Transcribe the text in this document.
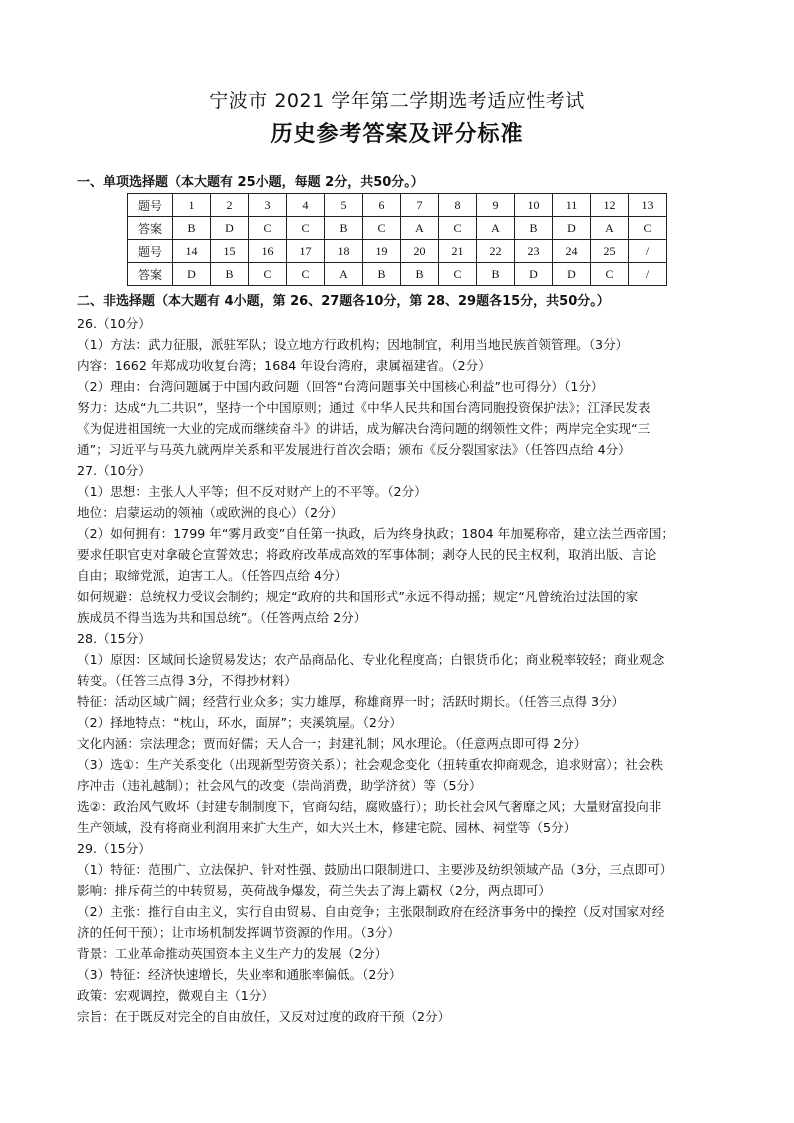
宁波市 2021 学年第二学期选考适应性考试
历史参考答案及评分标准
一、单项选择题（本大题有 25小题，每题 2分，共50分。）
题号	1	2	3	4	5	6	7	8	9	10	11	12	13
答案	B	D	C	C	B	C	A	C	A	B	D	A	C
题号	14	15	16	17	18	19	20	21	22	23	24	25	/
答案	D	B	C	C	A	B	B	C	B	D	D	C	/
二、非选择题（本大题有 4小题，第 26、27题各10分，第 28、29题各15分，共50分。）

26.（10分）

（1）方法：武力征服，派驻军队；设立地方行政机构；因地制宜，利用当地民族首领管理。（3分）

内容：1662 年郑成功收复台湾；1684 年设台湾府，隶属福建省。（2分）

（2）理由：台湾问题属于中国内政问题（回答“台湾问题事关中国核心利益”也可得分）（1分）

努力：达成“九二共识”，坚持一个中国原则；通过《中华人民共和国台湾同胞投资保护法》；江泽民发表

《为促进祖国统一大业的完成而继续奋斗》的讲话，成为解决台湾问题的纲领性文件；两岸完全实现“三

通”；习近平与马英九就两岸关系和平发展进行首次会晤；颁布《反分裂国家法》（任答四点给 4分）

27.（10分）

（1）思想：主张人人平等；但不反对财产上的不平等。（2分）

地位：启蒙运动的领袖（或欧洲的良心）（2分）

（2）如何拥有：1799 年“雾月政变”自任第一执政，后为终身执政；1804 年加冕称帝，建立法兰西帝国；

要求任职官吏对拿破仑宣誓效忠；将政府改革成高效的军事体制；剥夺人民的民主权利，取消出版、言论

自由；取缔党派，迫害工人。（任答四点给 4分）

如何规避：总统权力受议会制约；规定“政府的共和国形式”永远不得动摇；规定“凡曾统治过法国的家

族成员不得当选为共和国总统”。（任答两点给 2分）

28.（15分）

（1）原因：区域间长途贸易发达；农产品商品化、专业化程度高；白银货币化；商业税率较轻；商业观念

转变。（任答三点得 3分，不得抄材料）

特征：活动区域广阔；经营行业众多；实力雄厚，称雄商界一时；活跃时期长。（任答三点得 3分）

（2）择地特点：“枕山，环水，面屏”；夹溪筑屋。（2分）

文化内涵：宗法理念；贾而好儒；天人合一；封建礼制；风水理论。（任意两点即可得 2分）

（3）选①：生产关系变化（出现新型劳资关系）；社会观念变化（扭转重农抑商观念，追求财富）；社会秩

序冲击（违礼越制）；社会风气的改变（崇尚消费，助学济贫）等（5分）

选②：政治风气败坏（封建专制制度下，官商勾结，腐败盛行）；助长社会风气奢靡之风；大量财富投向非

生产领域，没有将商业利润用来扩大生产，如大兴土木，修建宅院、园林、祠堂等（5分）

29.（15分）

（1）特征：范围广、立法保护、针对性强、鼓励出口限制进口、主要涉及纺织领域产品（3分，三点即可）

影响：排斥荷兰的中转贸易，英荷战争爆发，荷兰失去了海上霸权（2分，两点即可）

（2）主张：推行自由主义，实行自由贸易、自由竞争；主张限制政府在经济事务中的操控（反对国家对经

济的任何干预）；让市场机制发挥调节资源的作用。（3分）

背景：工业革命推动英国资本主义生产力的发展（2分）

（3）特征：经济快速增长，失业率和通胀率偏低。（2分）

政策：宏观调控，微观自主（1分）

宗旨：在于既反对完全的自由放任，又反对过度的政府干预（2分）
